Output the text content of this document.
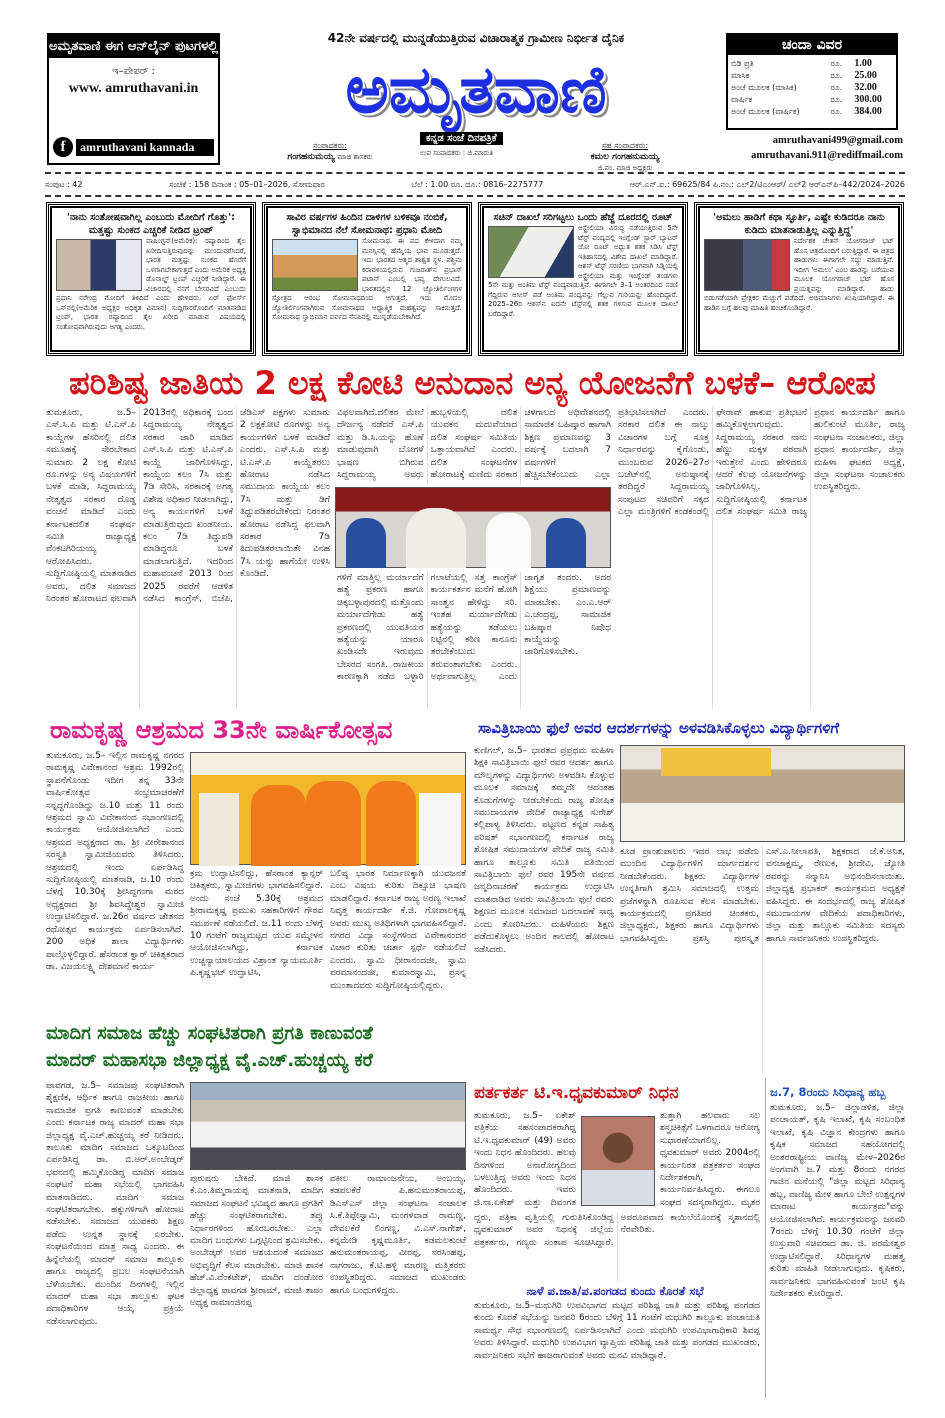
ಅಮೃತವಾಣಿ ಈಗ ಆನ್‌ಲೈನ್ ಪುಟಗಳಲ್ಲಿ
ಇ–ಪೇಪರ್ :
www. amruthavani.in
f	amruthavani kannada
42ನೇ ವರ್ಷದಲ್ಲಿ ಮುನ್ನಡೆಯುತ್ತಿರುವ ವಿಚಾರಾತ್ಮಕ ಗ್ರಾಮೀಣ ನಿರ್ಭೀತ ದೈನಿಕ
ಅಮೃತವಾಣಿ
ಕನ್ನಡ ಸಂಜೆ ದಿನಪತ್ರಿಕೆ
ಉಪ ಸಂಪಾದಕರು : ಜಿ.ಮಾರುತಿ
ಸಂಪಾದಕರು:
ಗಂಗಹನುಮಯ್ಯ ಮಾಜಿ ಶಾಸಕರು
ಸಹ ಸಂಪಾದಕರು:
ಕಮಲ ಗಂಗಹನುಮಯ್ಯ
ಜಿ.ಪಂ. ಮಾಜಿ ಅಧ್ಯಕ್ಷರು
ಚಂದಾ ವಿವರ
ಬಿಡಿ ಪ್ರತಿ	ರೂ.	1.00
ಮಾಸಿಕ	ರೂ.	25.00
ಅಂಚೆ ಮೂಲಕ (ಮಾಸಿಕ)	ರೂ.	32.00
ವಾರ್ಷಿಕ	ರೂ.	300.00
ಅಂಚೆ ಮೂಲಕ (ವಾರ್ಷಿಕ)	ರೂ.	384.00
amruthavani499@gmail.com
amruthavani.911@rediffmail.com
ಸಂಪುಟ : 42	ಸಂಚಿಕೆ : 158 ದಿನಾಂಕ : 05–01–2026, ಸೋಮವಾರ	ಬೆಲೆ : 1.00 ರೂ. ದೂ.: 0816–2275777	ಆರ್.ಎನ್.ಐ.: 69625/84 ಪಿ.ನಂ.: ಎಲ್2/ಟಿಎಂಆರ್/ ಎಲ್2 ಆರ್‌ಎನ್‌ಪಿ–442/2024–2026
'ನಾನು ಸಂತೋಷವಾಗಿಲ್ಲ ಎಂಬುದು ಮೋದಿಗೆ ಗೊತ್ತು': ಮತ್ತಷ್ಟು ಸುಂಕದ ಎಚ್ಚರಿಕೆ ನೀಡಿದ ಟ್ರಂಪ್

ವಾಷಿಂಗ್ಟನ್(ಅಮೆರಿಕ): ರಷ್ಯಾದಿಂದ ತೈಲ ಖರೀದಿಸುತ್ತಿರುವುದನ್ನು ಮುಂದುವರೆಸಿದರೆ, ಭಾರತ ಮತ್ತಷ್ಟು ಸುಂಕದ ಹೊರೆಗೆ ಒಳಗಾಗಬೇಕಾಗುತ್ತದೆ ಎಂದು ಅಮೆರಿಕ ಅಧ್ಯಕ್ಷ ಡೊನಾಲ್ಡ್ ಟ್ರಂಪ್ ಎಚ್ಚರಿಕೆ ನೀಡಿದ್ದಾರೆ. ಈ ವಿಚಾರದಲ್ಲಿ ನನಗೆ ಬೇಸರವಿದೆ ಎಂಬುದು ಪ್ರಧಾನಿ ನರೇಂದ್ರ ಮೋದಿಗೆ ತಿಳಿದಿದೆ ಎಂದು ಹೇಳಿದರು. ಏರ್ ಫೋರ್ಸ್ ಒನ್‌ನಲ್ಲಿ(ಅಮೆರಿಕ ಅಧ್ಯಕ್ಷರ ಅಧಿಕೃತ ವಿಮಾನ) ಸುದ್ದಿಗಾರರೊಂದಿಗೆ ಮಾತನಾಡಿದ ಟ್ರಂಪ್, ಭಾರತ ರಷ್ಯಾದಿಂದ ತೈಲ ಖರೀದಿ ಮಾಡುವ ವಿಷಯದಲ್ಲಿ ಸಂತೋಷವಾಗಿರುವುದು ಅಗತ್ಯ ಎಂದರು.

ಸಾವಿರ ವರ್ಷಗಳ ಹಿಂದಿನ ದಾಳಿಗಳ ಬಳಿಕವೂ ನಂಬಿಕೆ, ಸ್ವಾಭಿಮಾನದ ನೆಲೆ ಸೋಮನಾಥ: ಪ್ರಧಾನಿ ಮೋದಿ

ಸೋಮನಾಥ. ಈ ಪದ ಕೇಳಿದಾಗ ನಮ್ಮ ಮನಸ್ಸಿನಲ್ಲಿ ಹೆಮ್ಮೆಯ ಭಾವ ಮೂಡುತ್ತದೆ. ಇದು ಭಾರತದ ಆತ್ಮದ ಶಾಶ್ವತ ಸ್ಥಳ. ಪಶ್ಚಿಮ ಕರಾವಳಿಯಲ್ಲಿರುವ ಗುಜರಾತ್‌ನ ಪ್ರಭಾಸ್ ಪಟಾನ್ ಎಂಬಲ್ಲಿ ಭವ್ಯ ದೇಗುಲವಿದೆ. ಭಾರತದಲ್ಲಿನ 12 ಜ್ಯೋತಿರ್ಲಿಂಗಗಳ ಸ್ತೋತ್ರದ ಆರಂಭ ಸೋಮನಾಥದಿಂದ ಆಗುತ್ತದೆ. ಇದು ಮೊದಲ ಜ್ಯೋತಿರ್ಲಿಂಗವಾಗಿರುವ ಸೋಮನಾಥದ ಆಧ್ಯಾತ್ಮಿಕ ಮಹತ್ವವನ್ನು ಸಾಕಿಸುತ್ತದೆ. ಸೋಮನಾಥ ಸ್ವಾಭಿಮಾನ ಪರ್ವದ ನೆನಪಿನಲ್ಲಿ ಮುನ್ನಡೆಯಬೇಕಾಗಿದೆ.

ಸಚಿನ್ ದಾಖಲೆ ಸರಿಗಟ್ಟಲು ಒಂದು ಹೆಜ್ಜೆ ದೂರದಲ್ಲಿ ರೂಟ್

ಆಸ್ಟ್ರೇಲಿಯಾ ವಿರುದ್ಧ ನಡೆಯುತ್ತಿರುವ 5ನೇ ಟೆಸ್ಟ್ ಪಂದ್ಯದಲ್ಲಿ ಇಂಗ್ಲೆಂಡ್ ಸ್ಟಾರ್ ಬ್ಯಾಟರ್ ಜೋ ರೂಟ್ ಅಧ್ಬುತ ಶತಕ ಸಿಡಿಸಿ ಟೆಸ್ಟ್ ಇತಿಹಾಸದಲ್ಲಿ ವಿಶೇಷ ದಾಖಲೆ ಮಾಡಿದ್ದಾರೆ. ಆಶಸ್ ಟೆಸ್ಟ್ ಸರಣಿಯ ಭಾಗವಾಗಿ ಸಿಡ್ನಿಯಲ್ಲಿ ಆಸ್ಟ್ರೇಲಿಯಾ ಮತ್ತು ಇಂಗ್ಲೆಂಡ್ ತಂಡಗಳು 5ನೇ ಮತ್ತು ಅಂತಿಮ ಟೆಸ್ಟ್ ಪಂದ್ಯವಾಡುತ್ತಿವೆ. ಈಗಾಗಲೇ 3–1 ಅಂತರದಿಂದ ಸರಣಿ ಗೆದ್ದಿರುವ ಆಸೀಸ್ ಪಡೆ ಅಂತಿಮ ಪಂದ್ಯವನ್ನು ಗೆಲ್ಲುವ ಗುರಿಯನ್ನು ಹೊಂದಿದ್ದಾರೆ. 2025–26ರ ಆಶಸ್‌ನ ಐದನೇ ಟೆಸ್ಟ್‌ನಲ್ಲಿ ಶತಕ ಗಳಿಸುವ ಮೂಲಕ ದಾಖಲೆ ಬರೆದಿದ್ದಾರೆ.

'ಅಮಲು ಹಾಡಿಗೆ ಕಥಾ ಸ್ಫೂರ್ತಿ, ಎಷ್ಟೇ ಕುಡಿದರೂ ನಾನು ಕುಡಿದು ಮಾತನಾಡುತ್ತಿಲ್ಲ ಎನ್ನುತ್ತಿದ್ದ'

ನಿರ್ದೇಶಕ ಚೇತನ್ ಯೋಗರಾಜ್ ಭಟ್ ಹೊಸ ಚಿತ್ರದೊಂದಿಗೆ ಬರುತ್ತಿದ್ದಾರೆ. ಈ ಚಿತ್ರದ ಹಾಡುಗಳು ಈಗಾಗಲೇ ಸದ್ದು ಮಾಡುತ್ತಿವೆ. ಇದೀಗ 'ಅಮಲು' ಎಂಬ ಹಾಡನ್ನು ಬರೆಯುವ ಮೂಲಕ ಯೋಗರಾಜ್ ಭಟ್ ಹೊಸ ಪ್ರಯತ್ನವನ್ನು ಮಾಡಿದ್ದಾರೆ. ಹಾಡು ಬಿಡುಗಡೆಯಾಗಿ ಪ್ರೇಕ್ಷಕರ ಮೆಚ್ಚುಗೆ ಪಡೆದಿದೆ. ಅಭಿಮಾನಿಗಳು ಖುಷಿಯಾಗಿದ್ದಾರೆ. ಈ ಹಾಡಿನ ಬಗ್ಗೆ ಹಲವು ಮಾಹಿತಿ ಹಂಚಿಕೊಂಡಿದ್ದಾರೆ.

ಪರಿಶಿಷ್ಟ ಜಾತಿಯ 2 ಲಕ್ಷ ಕೋಟಿ ಅನುದಾನ ಅನ್ಯ ಯೋಜನೆಗೆ ಬಳಕೆ– ಆರೋಪ
ತುಮಕೂರು, ಜ.5– ಎಸ್.ಸಿ.ಪಿ ಮತ್ತು ಟಿ.ಎಸ್.ಪಿ ಕಾಯ್ದೆಗಳ ಹೆಸರಿನಲ್ಲಿ ದಲಿತ ಸಮೂಹಕ್ಕೆ ಸೇರಬೇಕಾದ ಸುಮಾರು 2 ಲಕ್ಷ ಕೋಟಿ ರೂ.ಗಳನ್ನು ಅನ್ಯ ವಿಷಯಗಳಿಗೆ ಬಳಕೆ ಮಾಡಿ, ಸಿದ್ದರಾಮಯ್ಯ ನೇತೃತ್ವದ ಸರಕಾರ ದೊಡ್ಡ ವಂಚನೆ ಮಾಡಿದೆ ಎಂದು ಕರ್ನಾಟಕದಲಿತ ಸಂಘರ್ಷ ಸಮಿತಿ ರಾಜ್ಯಾಧ್ಯಕ್ಷ ವೆಂಕಟಗಿರಿಯಯ್ಯ ಆರೋಪಿಸಿದರು. ಸುದ್ದಿಗೋಷ್ಠಿಯಲ್ಲಿ ಮಾತನಾಡಿದ ಅವರು, ದಲಿತ ಸಮಾಜದ ನಿರಂತರ ಹೋರಾಟದ ಫಲವಾಗಿ 2013ರಲ್ಲಿ ಅಧಿಕಾರಕ್ಕೆ ಬಂದ ಸಿದ್ದರಾಮಯ್ಯ ನೇತೃತ್ವದ ಸರಕಾರ ಜಾರಿ ಮಾಡಿದ ಎಸ್.ಸಿ.ಪಿ ಮತ್ತು ಟಿ.ಎಸ್.ಪಿ ಕಾಯ್ದೆ ಜಾರಿಗೊಳಿಸಿದ್ದು, ಕಾಯ್ದೆಯ ಕಲಂ 7ಸಿ ಮತ್ತು 7ಡಿ ಸೇರಿಸಿ, ಸರಕಾರಕ್ಕೆ ಅಗತ್ಯ ವಿಶೇಷ ಅಧಿಕಾರ ನೀಡಲಾಗಿದ್ದು, ಅನ್ಯ ಕಾರ್ಯಗಳಿಗೆ ಬಳಕೆ ಮಾಡುತ್ತಿರುವುದು ಖಂಡನೀಯ. ಕಲಂ 7ಡಿ ತಿದ್ದುಪಡಿ ಮಾಡಿದ್ದರೂ ಬಳಕೆ ಮಾಡಲಾಗುತ್ತಿದೆ. ಇದರಿಂದ ಮಹಾವಂಚನೆ 2013 ರಿಂದ 2025 ರವರೆಗೆ ಆಡಳಿತ ನಡೆಸಿದ ಕಾಂಗ್ರೆಸ್, ಬಿಜೆಪಿ, ಜೆಡಿಎಸ್ ಪಕ್ಷಗಳು ಸುಮಾರು 2 ಲಕ್ಷಕೋಟಿ ರೂಗಳನ್ನು ಅನ್ಯ ಕಾರ್ಯಗಳಿಗೆ ಬಳಕೆ ಮಾಡಿದೆ ಎಂದರು. ಎಸ್.ಸಿ.ಪಿ ಮತ್ತು ಟಿ.ಎಸ್.ಪಿ ಕಾಯ್ದೆತರಲು ಹೋರಾಟ ನಡೆಸಿದ ಸಮುದಾಯ ಕಾಯ್ದೆಯ ಕಲಂ 7ಸಿ ಮತ್ತು ಡಿಗೆ ತಿದ್ದುಪಡಿತರಬೇಕೆಂದು ನಿರಂತರ ಹೋರಾಟ ನಡೆಸಿದ್ದ ಫಲವಾಗಿ ಸರಕಾರ 7ಡಿ ತಿದುಪಡಿತರಲಾಯಿತೇ ವಿನಹ 7ಸಿ ಯನ್ನು ಹಾಗೆಯೇ ಉಳಿಸಿ ಕೊಂಡಿದೆ.
ವಿಫಲವಾಗಿದೆ.ದಲಿತರ ಮೇಲೆ ದೌರ್ಜನ್ಯ ನಡೆದರೆ ಎಸ್.ಪಿ ಮತ್ತು ಡಿ.ಸಿ.ಯನ್ನು ಹೊಣೆ ಮಾಡುವುದಾಗಿ ಬೋಗಳೆ ಭಾಷಣ ಬಿಗಿರುವ ಸಿದ್ದರಾಮಯ್ಯ ಅವರು ಹುಬ್ಬಳಿಯಲ್ಲಿ ದಲಿತ ಯುವಕನ ಮದುವೆಯಾದ ದಲಿತ ಸಂಘರ್ಷ ಸಮಿತಿಯ ಒತ್ತಾಯವಾಗಿದೆ ಎಂದರು. ದಲಿತ ಸಂಘಟನೆಗಳ ಹೋರಾಟಕ್ಕೆ ಮಣಿದು ಸರಕಾರ ಚಳಗಾಲದ ಅಧಿವೇಶನದಲ್ಲಿ ಸಾಮಾಜಿಕ ಬಹಿಷ್ಕಾರ ಹಾಗಾಗಿ ಶಿಕ್ಷಣ ಪ್ರಮಾಣವನ್ನು 3 ವರ್ಷಕ್ಕೆ ಬದಲಾಗಿ 7 ವರ್ಷಗಳಿಗೆ ಹೆಚ್ಚಿಸಬೇಕೆಂಬುದು ಎಲ್ಲಾ
ಗಳಿಗೆ ಮಾತ್ತಿಲ್ಲ ಮರ್ಯಾದೆಗೆ ಹತ್ಯೆ ಪ್ರಕರಣ ಹಾಗೂ ಚಿಕ್ಕಬಳ್ಳಾಪುರದಲ್ಲಿ ಮತ್ತೊಂದು ಮರ್ಯಾದೆಗೇಡು ಹತ್ಯೆ ಪ್ರಕರಣದಲ್ಲಿ ಯುವತಿಯರ ಹತ್ಯೆಯನ್ನು ಯಾರೂ ಖಂಡಿಸದೇ ಇರುವುದು ಬೇಸರದ ಸಂಗತಿ. ರಾಜಕೀಯ ಕಾರಣಕ್ಕಾಗಿ ನಡೆದ ಬಳ್ಳಾರಿ ಗಲಾಟೆಯಲ್ಲಿ ಸತ್ತ ಕಾಂಗ್ರೆಸ್ ಕಾರ್ಯಕರ್ತನ ಮನೆಗೆ ಹೋಗಿ ಸಾಂತ್ವನ ಹೇಳಿದ್ದು ಸರಿ. ಇಂತಹ ಮರ್ಯಾದೆಗೇಡು ಹತ್ಯೆಯನ್ನು ತಡೆಯಲು ನಿಟ್ಟಿನಲ್ಲಿ ಕಠಿಣ ಕಾನೂನು ತರಬೇಕೆಂಬುದು ತರುವಂತಾಗಬೇಕು ಎಂದರು. ಅರ್ಥವಾಗುತ್ತಿಲ್ಲ ಎಂದು ಜಾಗೃತ ತಂದರು. ಅದರ ಶಿಕ್ಷೆಯು ಪ್ರಮಾಣವನ್ನು ಮಾಡಬೇಕು. ಎಂ.ಎ.ಆರ್ ಎ.ಚಂದ್ರಪ್ಪ, ಸಾಮಾಜಿಕ ಬಹಿಷ್ಕಾರ ನಿಷೇಧ ಕಾಯ್ದೆಯನ್ನು ಜಾರಿಗೊಳಿಸಬೇಕು.
ಪ್ರತಿಭಟಿಸಲಾಗಿದೆ ಎಂದರು. ಸರಕಾರ ದಲಿತ ಈ ನಾಲ್ಕು ವಿಚಾರಗಳ ಬಗ್ಗೆ ಸೂಕ್ತ ನಿರ್ಧಾರವನ್ನು ಕೈಗೊಂಡು, ಮುಂಬರುವ 2026–27ರ ಬಜೆಟ್‌ನಲ್ಲಿ ಅನುಷ್ಠಾನಕ್ಕೆ ತರದಿದ್ದರೆ ಸಿದ್ದರಾಮಯ್ಯ ಸಂಪುಟದ ಸಚಿವರಿಗೆ ಸಕ್ಕದ ಎಲ್ಲಾ ಮಂತ್ರಿಗಳಿಗೆ ಕಂಡಕಂಡಲ್ಲಿ ಘೇರಾವ್ ಹಾಕುವ ಪ್ರತಿಭಟನೆ ಹಮ್ಮಿಕೊಳ್ಳಲಾಗುವುದು. ಸಿದ್ದರಾಮಯ್ಯ ಸರಕಾರ ನಾನು ಹೆಣ್ಣು ಮಕ್ಕಳ ಪರವಾಗಿ ಇರುತ್ತೇನೆ ಎಂದು ಹೇಳಿದರೂ ಆದರೆ ಕೆಲವು ಯೋಜನೆಗಳನ್ನು ಜಾರಿಗೊಳಿಸಿಲ್ಲ. ಸುದ್ದಿಗೋಷ್ಠಿಯಲ್ಲಿ ಕರ್ನಾಟಕ ದಲಿತ ಸಂಘರ್ಷ ಸಮಿತಿ ರಾಜ್ಯ ಪ್ರಧಾನ ಕಾರ್ಯದರ್ಶಿ ಹಾಗೂ ಹುಲಿಕುಂಟೆ ಮೂರ್ತಿ, ರಾಜ್ಯ ಸಂಘಟನಾ ಸಂಚಾಲಕರು, ಜಿಲ್ಲಾ ಪ್ರಧಾನ ಕಾರ್ಯದರ್ಶಿ, ಜಿಲ್ಲಾ ಮಹಿಳಾ ಘಟಕದ ಅಧ್ಯಕ್ಷೆ, ಜಿಲ್ಲಾ ಸಂಘಟನಾ ಸಂಚಾಲಕರು ಉಪಸ್ಥಿತರಿದ್ದರು.
ರಾಮಕೃಷ್ಣ ಆಶ್ರಮದ 33ನೇ ವಾರ್ಷಿಕೋತ್ಸವ
ತುಮಕೂರು, ಜ.5– ಇಲ್ಲಿನ ರಾಮಕೃಷ್ಣ ನಗರದ ರಾಮಕೃಷ್ಣ ವಿವೇಕಾನಂದ ಆಶ್ರಮ 1992ರಲ್ಲಿ ಸ್ಥಾಪನೆಗೊಂಡು ಇದೀಗ ತನ್ನ 33ನೇ ವಾರ್ಷಿಕೋತ್ಸವ ಸಂಭ್ರಮಾಚರಣೆಗೆ ಸನ್ನದ್ಧಗೊಂಡಿದ್ದು ಜ.10 ಮತ್ತು 11 ರಂದು ಆಶ್ರಮದ ಸ್ವಾಮಿ ವಿವೇಕಾನಂದ ಸಭಾಂಗಣದಲ್ಲಿ ಕಾರ್ಯಕ್ರಮ ಆಯೋಜಿಸಲಾಗಿದೆ ಎಂದು ಆಶ್ರಮದ ಅಧ್ಯಕ್ಷರಾದ ಡಾ. ಶ್ರೀ ವೀರೇಶಾನಂದ ಸರಸ್ವತಿ ಸ್ವಾಮೀಜಿಯವರು ತಿಳಿಸಿದರು. ಆಶ್ರಮದಲ್ಲಿ ಇಂದು ಏರ್ಪಡಿಸಿದ್ದ ಸುದ್ದಿಗೋಷ್ಠಿಯಲ್ಲಿ ಮಾತನಾಡಿ, ಜ.10 ರಂದು ಬೆಳಗ್ಗೆ 10.30ಕ್ಕೆ ಶ್ರೀಸಿದ್ದಗಂಗಾ ಮಠದ ಅಧ್ಯಕ್ಷರಾದ ಶ್ರೀ ಶಿವಸಿದ್ಧೇಶ್ವರ ಸ್ವಾಮೀಜಿ ಉದ್ಘಾಟಿಸಲಿದ್ದಾರೆ. ಜ.26ರ ವರ್ಷದ ಚೇತನದ ರಥೋತ್ಸವ ಕಾರ್ಯಕ್ರಮ ಏರ್ಪಡಿಸಲಾಗಿದೆ. 200 ಅಧಿಕ ಶಾಲಾ ವಿದ್ಯಾರ್ಥಿಗಳು ಪಾಲ್ಗೊಳ್ಳಲಿದ್ದಾರೆ. ಹೆಸರಾಂತ ಕ್ವಾರ್ ಚಿಕಿತ್ಸಕರಾದ ಡಾ. ವಿಜಯಲಕ್ಷ್ಮಿ ದೇಶಮಾನೆ ಕಾರ್ಯ
ಕ್ರಮ ಉದ್ಘಾಟಿಸಲಿದ್ದು, ಹೆಸರಾಂತ ಕ್ಯಾನ್ಸರ್ ಚಿಕಿತ್ಸಕರು, ಸ್ವಾಮೀಜಿಗಳು ಭಾಗವಹಿಸಲಿದ್ದಾರೆ. ಅಂದು ಸಂಜೆ 5.30ಕ್ಕೆ ಆಶ್ರಮದ ಶ್ರೀರಾಮಕೃಷ್ಣ ಪ್ರಮುಖ ಸಹಕಾರಿಗಳಿಗೆ ಗೌರವ ಸಮರ್ಪಣೆ ನಡೆಯಲಿದೆ. ಜ.11 ರಂದು ಬೆಳಗ್ಗೆ 10 ಗಂಟೆಗೆ ರಾಜ್ಯಮಟ್ಟದ ಯುವ ಸಮ್ಮೇಳನ ಆಯೋಜಿಸಲಾಗಿದ್ದು, ಕರ್ನಾಟಕ ಉಚ್ಚನ್ಯಾಯಾಲಯದ ವಿಶ್ರಾಂತ ನ್ಯಾಯಮೂರ್ತಿ ಪಿ.ಕೃಷ್ಣಭಟ್ ಉದ್ಘಾಟಿಸಿ,
ಬಲಿಷ್ಠ ಭಾರತ ನಿರ್ಮಾಣಕ್ಕಾಗಿ ಯುವಜನತೆ ಎಂಬ ವಿಷಯ ಕುರಿತು ದಿಕ್ಸೂಚಿ ಭಾಷಣ ಮಾಡಲಿದ್ದಾರೆ. ಕರ್ನಾಟಕ ರಾಜ್ಯ ಅರಣ್ಯ ಇಲಾಖೆ ನಿವೃತ್ತ ಕಾರ್ಯದರ್ಶಿ ಕೆ.ಜಿ. ಗೋಪಾಲಕೃಷ್ಣ ಅವರು ಮುಖ್ಯ ಅತಿಥಿಗಳಾಗಿ ಭಾಗವಹಿಸಲಿದ್ದಾರೆ. ನಗರದ ವಿದ್ಯಾ ಸಂಸ್ಥೆಗಳಿಂದ ವಿವೇಕಾನಂದರ ವಿಚಾರ ಕುರಿತು ಚರ್ಚಾ ಸ್ಪರ್ಧೆ ನಡೆಯಲಿದೆ ಎಂದರು. ಸ್ವಾಮಿ ಧೀರಾನಂದಜೀ, ಸ್ವಾಮಿ ಪರಮಾನಂದಜೀ, ಕುಮಾರಸ್ವಾಮಿ, ಪ್ರಸನ್ನ ಮುಂತಾದವರು ಸುದ್ದಿಗೋಷ್ಠಿಯಲ್ಲಿದ್ದರು.
ಸಾವಿತ್ರಿಬಾಯಿ ಫುಲೆ ಅವರ ಆದರ್ಶಗಳನ್ನು ಅಳವಡಿಸಿಕೊಳ್ಳಲು ವಿದ್ಯಾರ್ಥಿಗಳಿಗೆ
ಕುಣಿಗಲ್, ಜ.5– ಭಾರತದ ಪ್ರಪ್ರಥಮ ಮಹಿಳಾ ಶಿಕ್ಷಕಿ ಸಾವಿತ್ರಿಬಾಯಿ ಫುಲೆ ರವರ ಆದರ್ಶ ಹಾಗೂ ಮೌಲ್ಯಗಳನ್ನು ವಿದ್ಯಾರ್ಥಿಗಳು ಅಳವಡಿಸಿ ಕೊಳ್ಳುವ ಮೂಲಕ ಸಮಾಜಕ್ಕೆ ತಮ್ಮದೇ ಆದಂತಹ ಕೊಡುಗೆಗಳನ್ನು ನೀಡಬೇಕೆಂದು ರಾಜ್ಯ ಶೋಷಿತ ಸಮುದಾಯಗಳ ವೇದಿಕೆ ರಾಜ್ಯಾಧ್ಯಕ್ಷ ಸುರೇಶ್ ಕಲ್ಲಿಪಾಳ್ಯ ತಿಳಿಸಿದರು. ಪಟ್ಟಣದ ಕನ್ನಡ ಸಾಹಿತ್ಯ ಪರಿಷತ್ ಸಭಾಂಗಣದಲ್ಲಿ ಕರ್ನಾಟಕ ರಾಜ್ಯ ಶೋಷಿತ ಸಮುದಾಯಗಳ ವೇದಿಕೆ ರಾಜ್ಯ ಸಮಿತಿ ಹಾಗೂ ತಾಲ್ಲೂಕು ಸಮಿತಿ ವತಿಯಿಂದ ಸಾವಿತ್ರಿಬಾಯಿ ಫುಲೆ ರವರ 195ನೇ ವರ್ಷದ ಜನ್ಮದಿನಾಚರಣೆ ಕಾರ್ಯಕ್ರಮ ಉದ್ಘಾಟಿಸಿ ಮಾತನಾಡಿದ ಅವರು ಸಾವಿತ್ರಿಬಾಯಿ ಫುಲೆ ರವರು ಶಿಕ್ಷಣದ ಮೂಲಕ ಸಮಾಜದ ಬದಲಾವಣೆ ಸಾಧ್ಯ ಎಂದು ತೋರಿಸಿದರು. ಮಹಿಳೆಯರು ಶಿಕ್ಷಣ ಪಡೆದುಕೊಳ್ಳಲು ಅಂದಿನ ಕಾಲದಲ್ಲಿ ಹೋರಾಟ ನಡೆಸಿದರು.
ಕೂಡ ಪ್ರಾಂಶುಪಾಲರು ಇದರ ಲಾಭ ಪಡೆದು ಮುಂದಿನ ವಿದ್ಯಾರ್ಥಿಗಳಿಗೆ ಮಾರ್ಗದರ್ಶನ ನೀಡಬೇಕೆಂದರು. ಶಿಕ್ಷಕರು ವಿದ್ಯಾರ್ಥಿಗಳ ಉನ್ನತಿಗಾಗಿ ಶ್ರಮಿಸಿ ಸಮಾಜದಲ್ಲಿ ಉತ್ತಮ ಪ್ರಜೆಗಳನ್ನಾಗಿ ರೂಪಿಸುವ ಕೆಲಸ ಮಾಡಬೇಕು. ಕಾರ್ಯಕ್ರಮದಲ್ಲಿ ಪ್ರಗತಿಪರ ಚಿಂತಕರು, ಜಿಲ್ಲಾಧ್ಯಕ್ಷರು, ಶಿಕ್ಷಕರು ಹಾಗೂ ವಿದ್ಯಾರ್ಥಿಗಳು ಭಾಗವಹಿಸಿದ್ದರು. ಪ್ರಶಸ್ತಿ ಪುರಸ್ಕೃತ ಎಸ್.ಎ.ನೀಲಾವತಿ, ಶಿಕ್ಷಕರಾದ ಜೆ.ಕೆ.ಅನಿತ, ವನಜಾಕ್ಷಮ್ಮ, ರೇಣುಕ, ಶ್ರೀದೇವಿ, ಜ್ಯೋತಿ ರವರನ್ನು ಸನ್ಮಾನಿಸಿ ಅಭಿನಂದಿಸಲಾಯಿತು. ಜಿಲ್ಲಾಧ್ಯಕ್ಷ ಪ್ರಭಾಕರ್ ಕಾರ್ಯಕ್ರಮದ ಅಧ್ಯಕ್ಷತೆ ವಹಿಸಿದ್ದರು. ಈ ಸಂದರ್ಭದಲ್ಲಿ ರಾಜ್ಯ ಶೋಷಿತ ಸಮುದಾಯಗಳ ವೇದಿಕೆಯ ಪದಾಧಿಕಾರಿಗಳು, ಜಿಲ್ಲಾ ಮತ್ತು ತಾಲ್ಲೂಕು ಸಮಿತಿಯ ಸದಸ್ಯರು ಹಾಗೂ ಸಾರ್ವಜನಿಕರು ಉಪಸ್ಥಿತರಿದ್ದರು.
ಮಾದಿಗ ಸಮಾಜ ಹೆಚ್ಚು ಸಂಘಟಿತರಾಗಿ ಪ್ರಗತಿ ಕಾಣುವಂತೆ
ಮಾದರ್ ಮಹಾಸಭಾ ಜಿಲ್ಲಾಧ್ಯಕ್ಷ ವೈ.ಎಚ್.ಹುಚ್ಚಯ್ಯ ಕರೆ
ಪಾವಗಡ, ಜ.5– ಸಮಾಜವು ಸಂಘಟಿತರಾಗಿ ಶೈಕ್ಷಣಿಕ, ಆರ್ಥಿಕ ಹಾಗೂ ರಾಜಕೀಯ ಹಾಗೂ ಸಾಮಾಜಿಕ ಪ್ರಗತಿ ಕಾಣುವಂತೆ ಮಾಡಬೇಕು ಎಂದು ಕರ್ನಾಟಕ ರಾಜ್ಯ ಮಾದರ್ ಮಹಾ ಸಭಾ ಜಿಲ್ಲಾಧ್ಯಕ್ಷ ವೈ.ಎಚ್.ಹುಚ್ಚಯ್ಯ ಕರೆ ನೀಡಿದರು. ತಾಲೂಕು ಮಾದಿಗ ಸಮಾಜದ ಒಕ್ಕೂಟದಿಂದ ಏರ್ಪಡಿಸಿದ್ದ ಡಾ. ಬಿ.ಆರ್.ಅಂಬೇಡ್ಕರ್ ಭವನದಲ್ಲಿ ಹಮ್ಮಿಕೊಂಡಿದ್ದ ಮಾದಿಗ ಸಮಾಜ ಸಂಘಟನೆ ಮಹಾ ಸಭೆಯಲ್ಲಿ ಭಾಗವಹಿಸಿ ಮಾತನಾಡಿದರು. ಮಾದಿಗ ಸಮಾಜ ಸಂಘಟಿತರಾಗಬೇಕು. ಹಕ್ಕುಗಳಿಗಾಗಿ ಹೋರಾಟ ನಡೆಸಬೇಕು. ಸಮಾಜದ ಯುವಕರು ಶಿಕ್ಷಣ ಪಡೆದು ಉನ್ನತ ಸ್ಥಾನಕ್ಕೆ ಏರಬೇಕು. ಸಂಘಟನೆಯಿಂದ ಮಾತ್ರ ಸಾಧ್ಯ ಎಂದರು. ಈ ಹಿನ್ನೆಲೆಯಲ್ಲಿ ಮಾದರ್ ಸಮಾಜ ತಾಲ್ಲೂಕು ಹಾಗೂ ರಾಜ್ಯದಲ್ಲಿ ಪ್ರಬಲ ಸಂಘಟನೆಯಾಗಿ ಬೆಳೆಯಬೇಕು. ಮುಂದಿನ ದಿನಗಳಲ್ಲಿ ಇಲ್ಲಿನ ಮಾದರ್ ಮಹಾ ಸಭಾ ತಾಲ್ಲೂಕು ಘಟಕ ಪದಾಧಿಕಾರಿಗಳ ಆಯ್ಕೆ ಪ್ರಕ್ರಿಯೆ ನಡೆಸಲಾಗುವುದು.
ಪುರುಷರು ಬೇಕಿದೆ. ಮಾಜಿ ಶಾಸಕ ಕೆ.ಎಂ.ತಿಮ್ಮರಾಯಪ್ಪ ಮಾತನಾಡಿ, ಮಾದಿಗ ಸಮಾಜದ ಸಂಘಟನೆ ಭವಿಷ್ಯದ ಹಾಗೂ ಪ್ರಗತಿಗೆ ಹೆಚ್ಚು ಸಂಘಟಿತರಾಗಬೇಕು. ತಪ್ಪು ನಿರ್ಧಾರಗಳಿಂದ ಹೊರಬರಬೇಕು. ಎಲ್ಲಾ ಮಾದಿಗ ಬಂಧುಗಳು ಒಗ್ಗಟ್ಟಿನಿಂದ ಶ್ರಮಿಸಬೇಕು. ಅಂಬೇಡ್ಕರ್ ಅವರ ಆಶಯದಂತೆ ಸಮಾಜದ ಅಭಿವೃದ್ಧಿಗೆ ಕೆಲಸ ಮಾಡಬೇಕು. ಮಾಜಿ ಶಾಸಕ ಹೆಚ್.ವಿ.ವೆಂಕಟೇಶ್, ಮಾದಿಗ ದಂಡೋರ ಜಿಲ್ಲಾಧ್ಯಕ್ಷ ಪಾವಗಡ ಶ್ರೀರಾಮ್, ಮಾಜಿ ತಾಪಂ ಅಧ್ಯಕ್ಷ ರಾಮಾಂಜಿನಪ್ಪ
ವಕೀಲ ರಾಮಾಂಜನೇಯ, ಅಂಬಯ್ಯ, ಕಡಪಲಕೆರೆ ಪಿ.ಹನುಮಂತರಾಯಪ್ಪ, ಡಿಎಸ್‌ಎಸ್ ಜಿಲ್ಲಾ ಸಂಘಟನಾ ಸಂಚಾಲಕ ಸಿ.ಕೆ.ತಿಪ್ಪೇಸ್ವಾಮಿ, ಮಂಗಳವಾಡ ರಾಮಣ್ಣ, ದೇವಲಕೆರೆ ಲಿಂಗಣ್ಣ, ವಿ.ಎಸ್.ನಾಗೇಶ್, ಕನ್ನಮೇಡಿ ಕೃಷ್ಣಮೂರ್ತಿ, ಕಡಮಲಕುಂಟೆ ಹನುಮಂತರಾಯಪ್ಪ, ವೀರಪ್ಪ, ನರಸಿಂಹಪ್ಪ, ನಾಗರಾಜು, ಕೆ.ಟಿ.ಹಳ್ಳಿ ಮಾರಣ್ಣ ಮತ್ತಿತರರು ಉಪಸ್ಥಿತರಿದ್ದರು. ಸಮಾಜದ ಮುಖಂಡರು ಹಾಗೂ ಬಂಧುಗಳಿದ್ದರು.
ಪರ್ತಕರ್ತ ಟಿ.ಇ.ಧೃವಕುಮಾರ್ ನಿಧನ
ತುಮಕೂರು, ಜ.5– ಏಕೇಶ್ ಪತ್ರಿಕೆಯ ಸಹಸಂಪಾದಕರಾಗಿದ್ದ ಟಿ.ಇ.ಧೃವಕುಮಾರ್ (49) ಅವರು ಇಂದು ನಿಧನ ಹೊಂದಿದರು. ಹಲವು ದಿನಗಳಿಂದ ಅನಾರೋಗ್ಯದಿಂದ ಬಳಲುತ್ತಿದ್ದ ಅವರು ಇಂದು ನಿಧನ ಹೊಂದಿದರು. ಇವರು ಜಿ.ನಾ.ಏಕೇಶ್ ಮತ್ತು ದಿವಂಗತ
ತುತ್ತಾಗಿ ಹಲವಾರು ಸಲ ಶಸ್ತ್ರಚಿಕಿತ್ಸೆಗೆ ಒಳಗಾದರೂ ಆರೋಗ್ಯ ಸುಧಾರಣೆಯಾಗಲಿಲ್ಲ. ಧೃವಕುಮಾರ್ ಅವರು 2004ರಲ್ಲಿ ಕಾರ್ಯನಿರತ ಪತ್ರಕರ್ತರ ಸಂಘದ ನಿರ್ದೇಶಕರಾಗಿ, ಕಾರ್ಯನಿರ್ವಹಿಸಿದ್ದರು. ಈಗಲೂ ಸಂಘದ ಸದಸ್ಯರಾಗಿದ್ದರು. ಮೃತರ
ದ್ದರು, ಪತ್ರಿಕಾ ವೃತ್ತಿಯಲ್ಲಿ ಗುರುತಿಸಿಕೊಂಡಿದ್ದ ಧೃವಕುಮಾರ್ ಅವರ ನಿಧನಕ್ಕೆ ಜಿಲ್ಲೆಯ ಪತ್ರಕರ್ತರು, ಗಣ್ಯರು ಸಂತಾಪ ಸೂಚಿಸಿದ್ದಾರೆ. ಅಪರೂಪವಾದ ಕಾಯಿಲೆಯೊಂದಕ್ಕೆ ಸ್ಮಶಾನದಲ್ಲಿ ನೆರವೇರಿತು.
ನಾಳೆ ಪ.ಜಾತಿ/ಪ.ಪಂಗಡದ ಕುಂದು ಕೊರತೆ ಸಭೆ
ತುಮಕೂರು, ಜ.5–ಮಧುಗಿರಿ ಉಪವಿಭಾಗದ ಮಟ್ಟದ ಪರಿಶಿಷ್ಟ ಜಾತಿ ಮತ್ತು ಪರಿಶಿಷ್ಟ ಪಂಗಡದ ಕುಂದು ಕೊರತೆ ಸಭೆಯನ್ನು ಜನವರಿ 6ರಂದು ಬೆಳಿಗ್ಗೆ 11 ಗಂಟೆಗೆ ಮಧುಗಿರಿ ತಾಲ್ಲೂಕು ಪಂಚಾಯತಿ ಸಾಮರ್ಥ್ಯ ಸೌಧ ಸಭಾಂಗಣದಲ್ಲಿ ಏರ್ಪಡಿಸಲಾಗಿದೆ ಎಂದು ಮಧುಗಿರಿ ಉಪವಿಭಾಗಾಧಿಕಾರಿ ಶಿವಪ್ಪ ಅವರು ತಿಳಿಸಿದ್ದಾರೆ. ಮಧುಗಿರಿ ಉಪವಿಭಾಗ ವ್ಯಾಪ್ತಿಯ ಪರಿಶಿಷ್ಟ ಜಾತಿ ಮತ್ತು ಪಂಗಡದ ಮುಖಂಡರು, ಸಾರ್ವಜನಿಕರು ಸಭೆಗೆ ಹಾಜರಾಗುವಂತೆ ಅವರು ಮನವಿ ಮಾಡಿದ್ದಾರೆ.
ಜ.7, 8ರಂದು ಸಿರಿಧಾನ್ಯ ಹಬ್ಬ
ತುಮಕೂರು, ಜ.5– ಜಿಲ್ಲಾಡಳಿತ, ಜಿಲ್ಲಾ ಪಂಚಾಯತ್, ಕೃಷಿ ಇಲಾಖೆ, ಕೃಷಿ ಸಂಬಂಧಿತ ಇಲಾಖೆ, ಕೃಷಿ ವಿಜ್ಞಾನ ಕೇಂದ್ರಗಳು ಹಾಗೂ ಕೃಷಿಕ ಸಮಾಜದ ಸಹಯೋಗದಲ್ಲಿ ಅಂತರರಾಷ್ಟ್ರೀಯ ವಾಣಿಜ್ಯ ಮೇಳ–2026ರ ಅಂಗವಾಗಿ ಜ.7 ಮತ್ತು 8ರಂದು ನಗರದ ಗಾಜಿನ ಮನೆಯಲ್ಲಿ "ಜಿಲ್ಲಾ ಮಟ್ಟದ ಸಿರಿಧಾನ್ಯ ಹಬ್ಬ, ವಾಣಿಜ್ಯ ಮೇಳ ಹಾಗೂ ಬೇಲೆ ಉತ್ಪನ್ನಗಳ ಮಾರಾಟ ಕಾರ್ಯಕ್ರಮ"ವನ್ನು ಆಯೋಜಿಸಲಾಗಿದೆ. ಕಾರ್ಯಕ್ರಮವನ್ನು ಜನವರಿ 7ರಂದು ಬೆಳಗ್ಗೆ 10.30 ಗಂಟೆಗೆ ಜಿಲ್ಲಾ ಉಸ್ತುವಾರಿ ಸಚಿವರಾದ ಡಾ. ಜಿ. ಪರಮೇಶ್ವರ ಉದ್ಘಾಟಿಸಲಿದ್ದಾರೆ. ಸಿರಿಧಾನ್ಯಗಳ ಮಹತ್ವ ಕುರಿತು ಮಾಹಿತಿ ನೀಡಲಾಗುವುದು. ಕೃಷಿಕರು, ಸಾರ್ವಜನಿಕರು ಭಾಗವಹಿಸುವಂತೆ ಜಂಟಿ ಕೃಷಿ ನಿರ್ದೇಶಕರು ಕೋರಿದ್ದಾರೆ.
